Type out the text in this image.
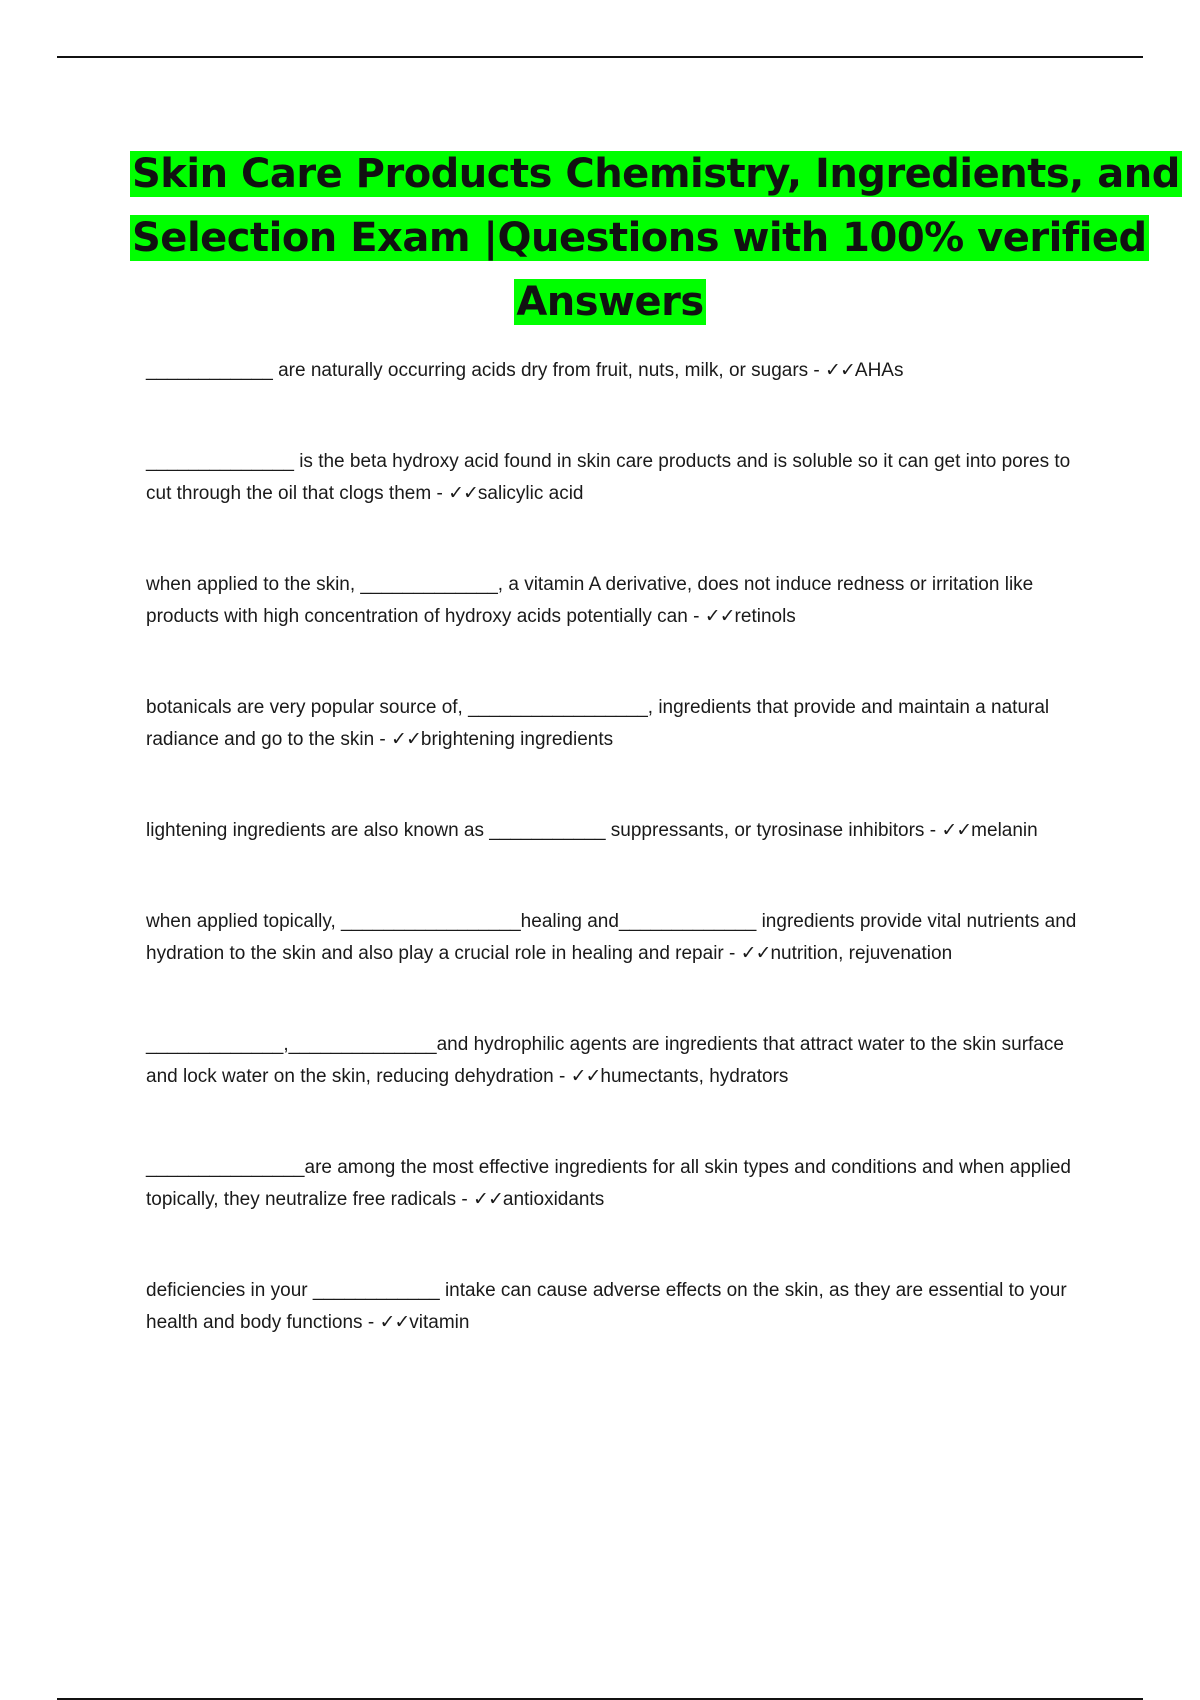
Skin Care Products Chemistry, Ingredients, and
Selection Exam |Questions with 100% verified
Answers

____________ are naturally occurring acids dry from fruit, nuts, milk, or sugars - ✓✓AHAs

______________ is the beta hydroxy acid found in skin care products and is soluble so it can get into pores to cut through the oil that clogs them - ✓✓salicylic acid

when applied to the skin, _____________, a vitamin A derivative, does not induce redness or irritation like products with high concentration of hydroxy acids potentially can - ✓✓retinols

botanicals are very popular source of, _________________, ingredients that provide and maintain a natural radiance and go to the skin - ✓✓brightening ingredients

lightening ingredients are also known as ___________ suppressants, or tyrosinase inhibitors - ✓✓melanin

when applied topically, _________________healing and_____________ ingredients provide vital nutrients and hydration to the skin and also play a crucial role in healing and repair - ✓✓nutrition, rejuvenation

_____________,______________and hydrophilic agents are ingredients that attract water to the skin surface and lock water on the skin, reducing dehydration - ✓✓humectants, hydrators

_______________are among the most effective ingredients for all skin types and conditions and when applied topically, they neutralize free radicals - ✓✓antioxidants

deficiencies in your ____________ intake can cause adverse effects on the skin, as they are essential to your health and body functions - ✓✓vitamin
